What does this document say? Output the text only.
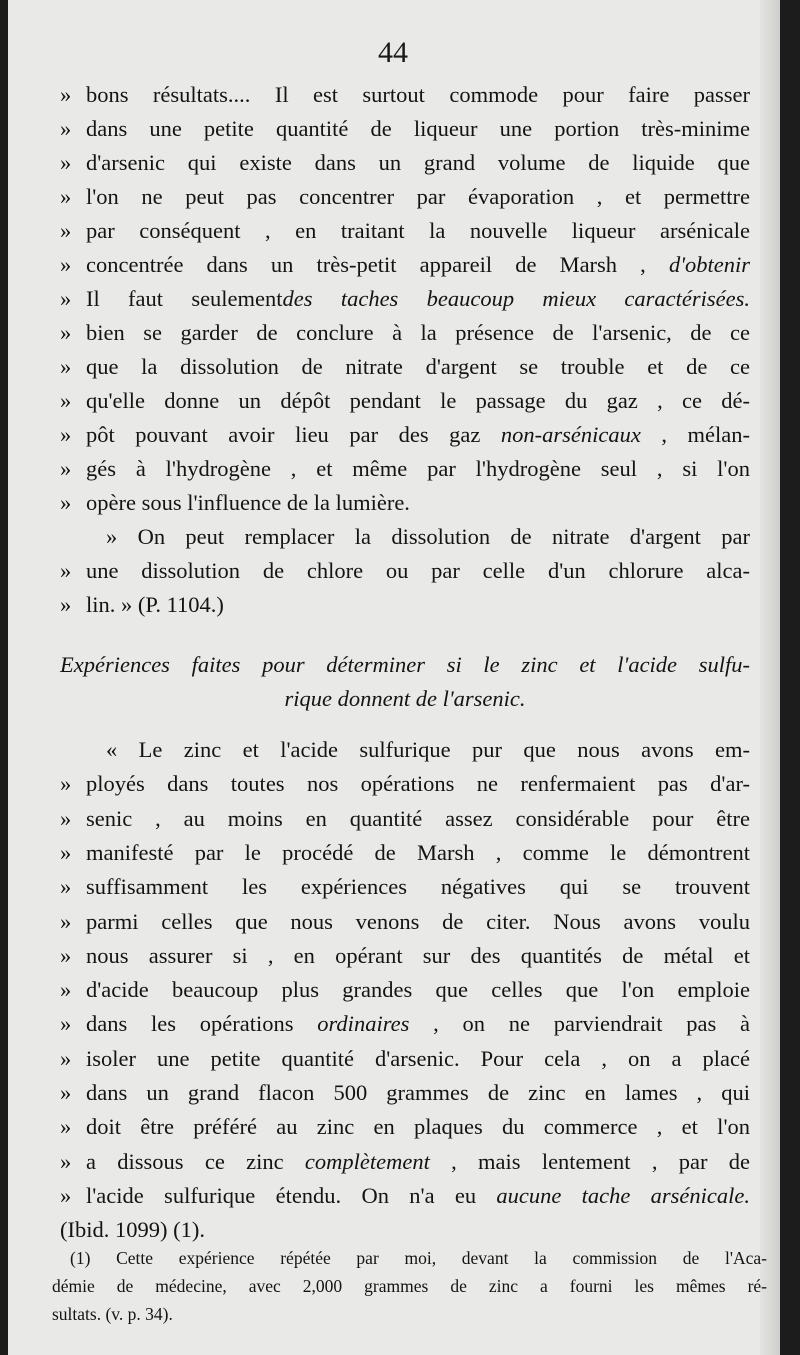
44
» bons résultats.... Il est surtout commode pour faire passer
» dans une petite quantité de liqueur une portion très-minime
» d'arsenic qui existe dans un grand volume de liquide que
» l'on ne peut pas concentrer par évaporation , et permettre
» par conséquent , en traitant la nouvelle liqueur arsénicale
» concentrée dans un très-petit appareil de Marsh , d'obtenir
»Il faut seulementdes taches beaucoup mieux caractérisées.
» bien se garder de conclure à la présence de l'arsenic, de ce
» que la dissolution de nitrate d'argent se trouble et de ce
» qu'elle donne un dépôt pendant le passage du gaz , ce dé-
» pôt pouvant avoir lieu par des gaz non-arsénicaux , mélan-
» gés à l'hydrogène , et même par l'hydrogène seul , si l'on
» opère sous l'influence de la lumière.
» On peut remplacer la dissolution de nitrate d'argent par
» une dissolution de chlore ou par celle d'un chlorure alca-
» lin. » (P. 1104.)
Expériences faites pour déterminer si le zinc et l'acide sulfu-
rique donnent de l'arsenic.
« Le zinc et l'acide sulfurique pur que nous avons em-
» ployés dans toutes nos opérations ne renfermaient pas d'ar-
» senic , au moins en quantité assez considérable pour être
» manifesté par le procédé de Marsh , comme le démontrent
» suffisamment les expériences négatives qui se trouvent
» parmi celles que nous venons de citer. Nous avons voulu
» nous assurer si , en opérant sur des quantités de métal et
» d'acide beaucoup plus grandes que celles que l'on emploie
» dans les opérations ordinaires , on ne parviendrait pas à
» isoler une petite quantité d'arsenic. Pour cela , on a placé
» dans un grand flacon 500 grammes de zinc en lames , qui
» doit être préféré au zinc en plaques du commerce , et l'on
» a dissous ce zinc complètement , mais lentement , par de
» l'acide sulfurique étendu. On n'a eu aucune tache arsénicale.
(Ibid. 1099) (1).
(1) Cette expérience répétée par moi, devant la commission de l'Aca-
démie de médecine, avec 2,000 grammes de zinc a fourni les mêmes ré-
sultats. (v. p. 34).
